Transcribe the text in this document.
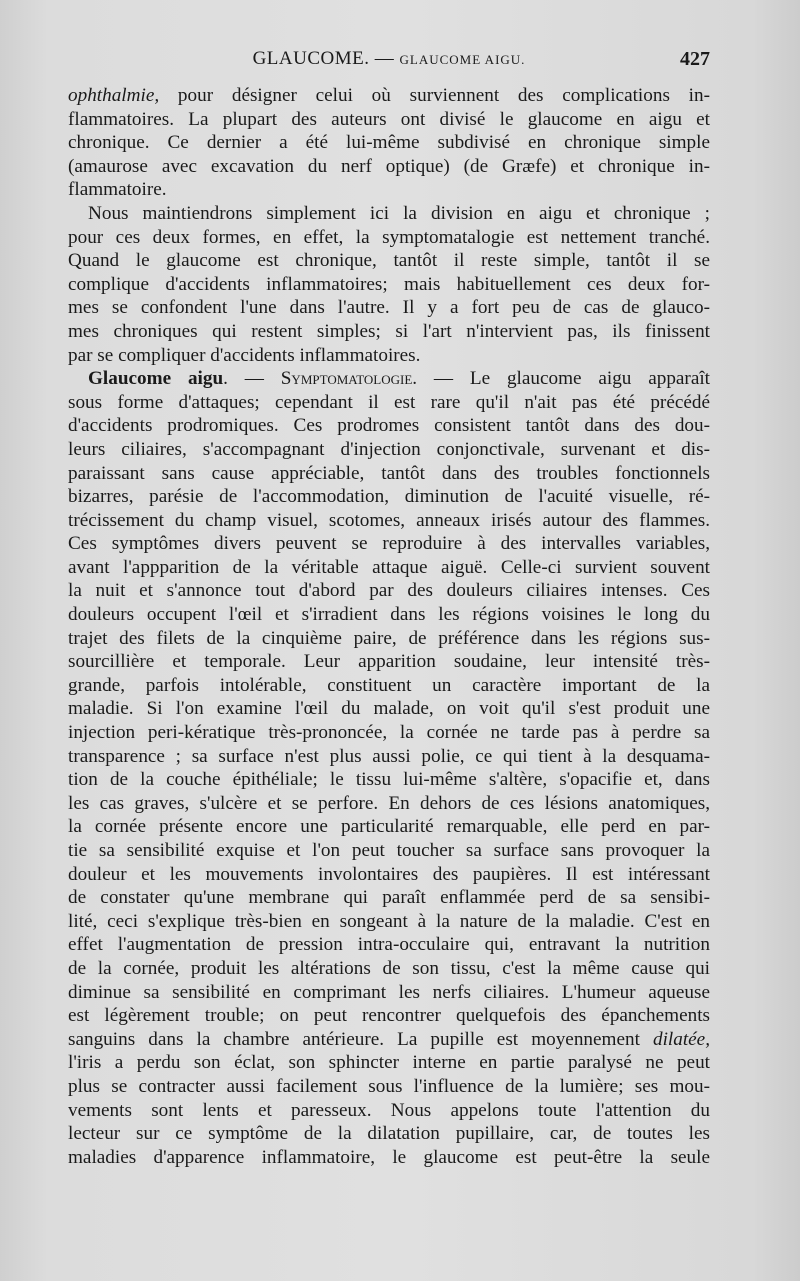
GLAUCOME. — GLAUCOME AIGU.	427
ophthalmie, pour désigner celui où surviennent des complications in-
flammatoires. La plupart des auteurs ont divisé le glaucome en aigu et
chronique. Ce dernier a été lui-même subdivisé en chronique simple
(amaurose avec excavation du nerf optique) (de Græfe) et chronique in-
flammatoire.
Nous maintiendrons simplement ici la division en aigu et chronique ;
pour ces deux formes, en effet, la symptomatalogie est nettement tranché.
Quand le glaucome est chronique, tantôt il reste simple, tantôt il se
complique d'accidents inflammatoires; mais habituellement ces deux for-
mes se confondent l'une dans l'autre. Il y a fort peu de cas de glauco-
mes chroniques qui restent simples; si l'art n'intervient pas, ils finissent
par se compliquer d'accidents inflammatoires.
Glaucome aigu. — Symptomatologie. — Le glaucome aigu apparaît
sous forme d'attaques; cependant il est rare qu'il n'ait pas été précédé
d'accidents prodromiques. Ces prodromes consistent tantôt dans des dou-
leurs ciliaires, s'accompagnant d'injection conjonctivale, survenant et dis-
paraissant sans cause appréciable, tantôt dans des troubles fonctionnels
bizarres, parésie de l'accommodation, diminution de l'acuité visuelle, ré-
trécissement du champ visuel, scotomes, anneaux irisés autour des flammes.
Ces symptômes divers peuvent se reproduire à des intervalles variables,
avant l'appparition de la véritable attaque aiguë. Celle-ci survient souvent
la nuit et s'annonce tout d'abord par des douleurs ciliaires intenses. Ces
douleurs occupent l'œil et s'irradient dans les régions voisines le long du
trajet des filets de la cinquième paire, de préférence dans les régions sus-
sourcillière et temporale. Leur apparition soudaine, leur intensité très-
grande, parfois intolérable, constituent un caractère important de la
maladie. Si l'on examine l'œil du malade, on voit qu'il s'est produit une
injection peri-kératique très-prononcée, la cornée ne tarde pas à perdre sa
transparence ; sa surface n'est plus aussi polie, ce qui tient à la desquama-
tion de la couche épithéliale; le tissu lui-même s'altère, s'opacifie et, dans
les cas graves, s'ulcère et se perfore. En dehors de ces lésions anatomiques,
la cornée présente encore une particularité remarquable, elle perd en par-
tie sa sensibilité exquise et l'on peut toucher sa surface sans provoquer la
douleur et les mouvements involontaires des paupières. Il est intéressant
de constater qu'une membrane qui paraît enflammée perd de sa sensibi-
lité, ceci s'explique très-bien en songeant à la nature de la maladie. C'est en
effet l'augmentation de pression intra-occulaire qui, entravant la nutrition
de la cornée, produit les altérations de son tissu, c'est la même cause qui
diminue sa sensibilité en comprimant les nerfs ciliaires. L'humeur aqueuse
est légèrement trouble; on peut rencontrer quelquefois des épanchements
sanguins dans la chambre antérieure. La pupille est moyennement dilatée,
l'iris a perdu son éclat, son sphincter interne en partie paralysé ne peut
plus se contracter aussi facilement sous l'influence de la lumière; ses mou-
vements sont lents et paresseux. Nous appelons toute l'attention du
lecteur sur ce symptôme de la dilatation pupillaire, car, de toutes les
maladies d'apparence inflammatoire, le glaucome est peut-être la seule
